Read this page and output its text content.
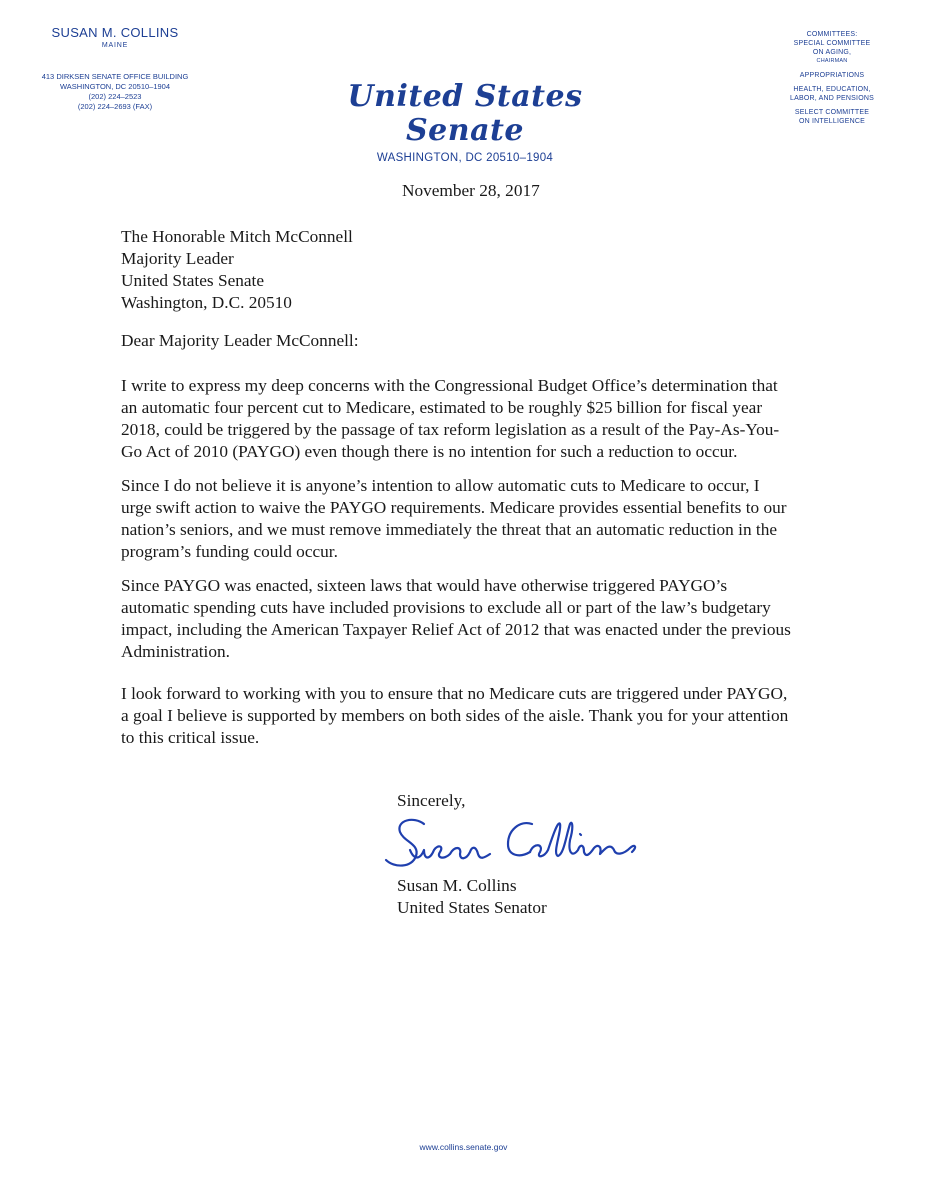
SUSAN M. COLLINS
MAINE
413 DIRKSEN SENATE OFFICE BUILDING
WASHINGTON, DC 20510–1904
(202) 224–2523
(202) 224–2693 (FAX)	United States Senate
WASHINGTON, DC 20510–1904
COMMITTEES:
SPECIAL COMMITTEE
ON AGING,
CHAIRMAN
APPROPRIATIONS
HEALTH, EDUCATION,
LABOR, AND PENSIONS
SELECT COMMITTEE
ON INTELLIGENCE
November 28, 2017
The Honorable Mitch McConnell
Majority Leader
United States Senate
Washington, D.C. 20510
Dear Majority Leader McConnell:
I write to express my deep concerns with the Congressional Budget Office’s determination that
an automatic four percent cut to Medicare, estimated to be roughly $25 billion for fiscal year
2018, could be triggered by the passage of tax reform legislation as a result of the Pay-As-You-
Go Act of 2010 (PAYGO) even though there is no intention for such a reduction to occur.
Since I do not believe it is anyone’s intention to allow automatic cuts to Medicare to occur, I
urge swift action to waive the PAYGO requirements. Medicare provides essential benefits to our
nation’s seniors, and we must remove immediately the threat that an automatic reduction in the
program’s funding could occur.
Since PAYGO was enacted, sixteen laws that would have otherwise triggered PAYGO’s
automatic spending cuts have included provisions to exclude all or part of the law’s budgetary
impact, including the American Taxpayer Relief Act of 2012 that was enacted under the previous
Administration.
I look forward to working with you to ensure that no Medicare cuts are triggered under PAYGO,
a goal I believe is supported by members on both sides of the aisle. Thank you for your attention
to this critical issue.
Sincerely,
Susan M. Collins
United States Senator
www.collins.senate.gov
